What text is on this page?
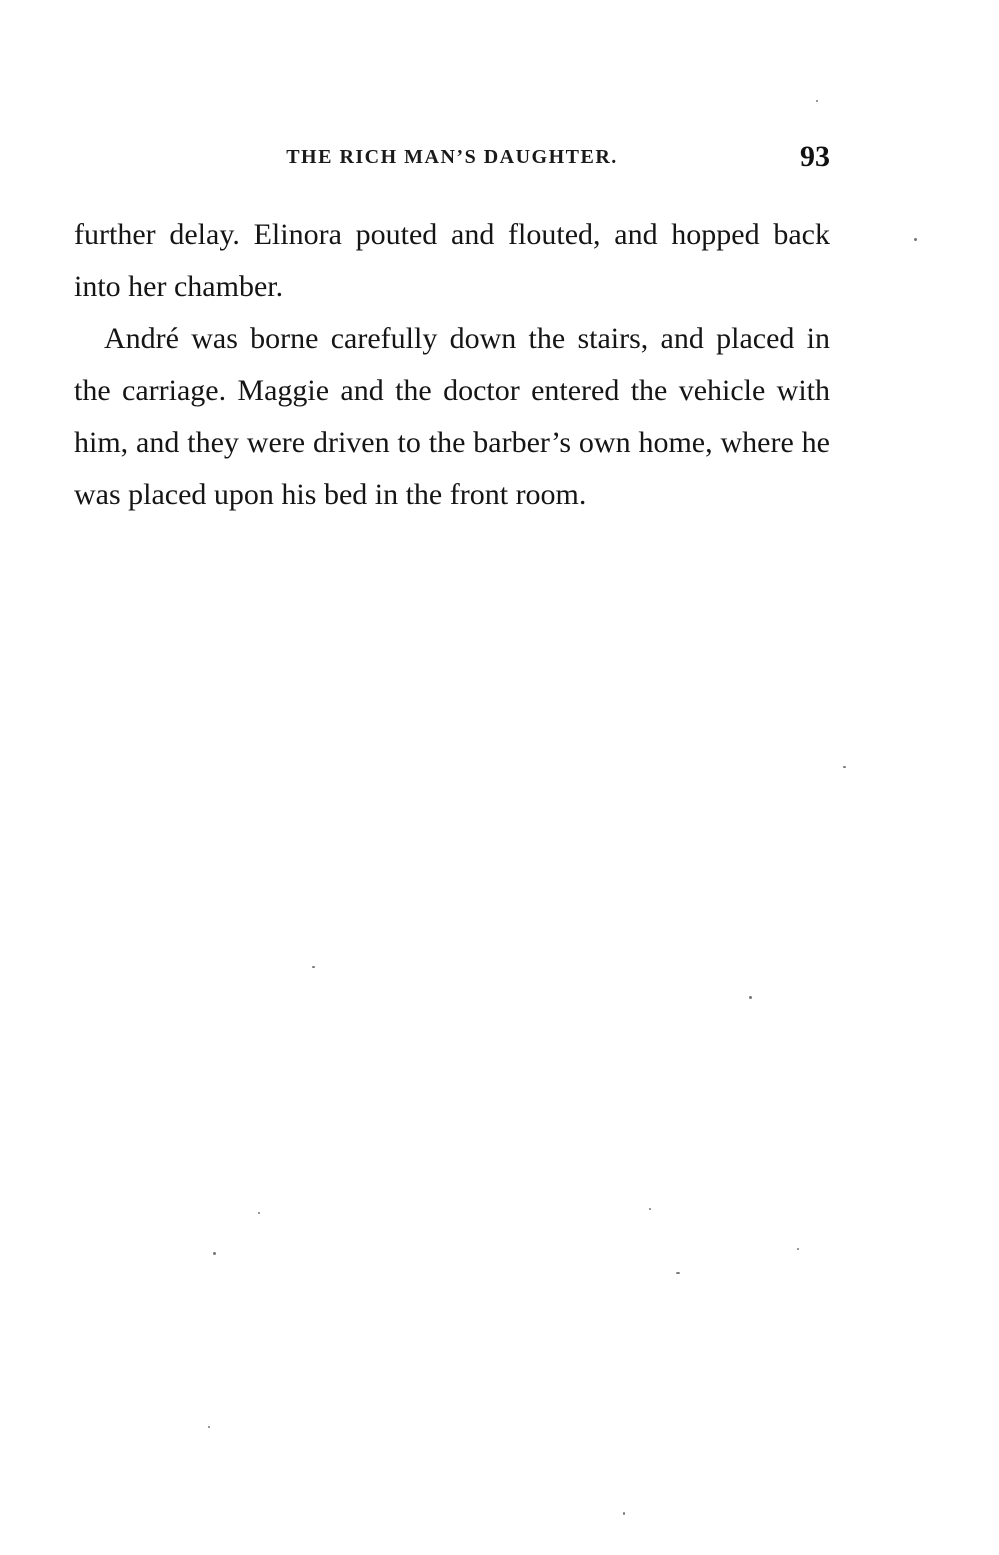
THE RICH MAN’S DAUGHTER.	93

further delay. Elinora pouted and flouted, and hopped back into her chamber.

André was borne carefully down the stairs, and placed in the carriage. Maggie and the doctor entered the vehicle with him, and they were driven to the barber’s own home, where he was placed upon his bed in the front room.
